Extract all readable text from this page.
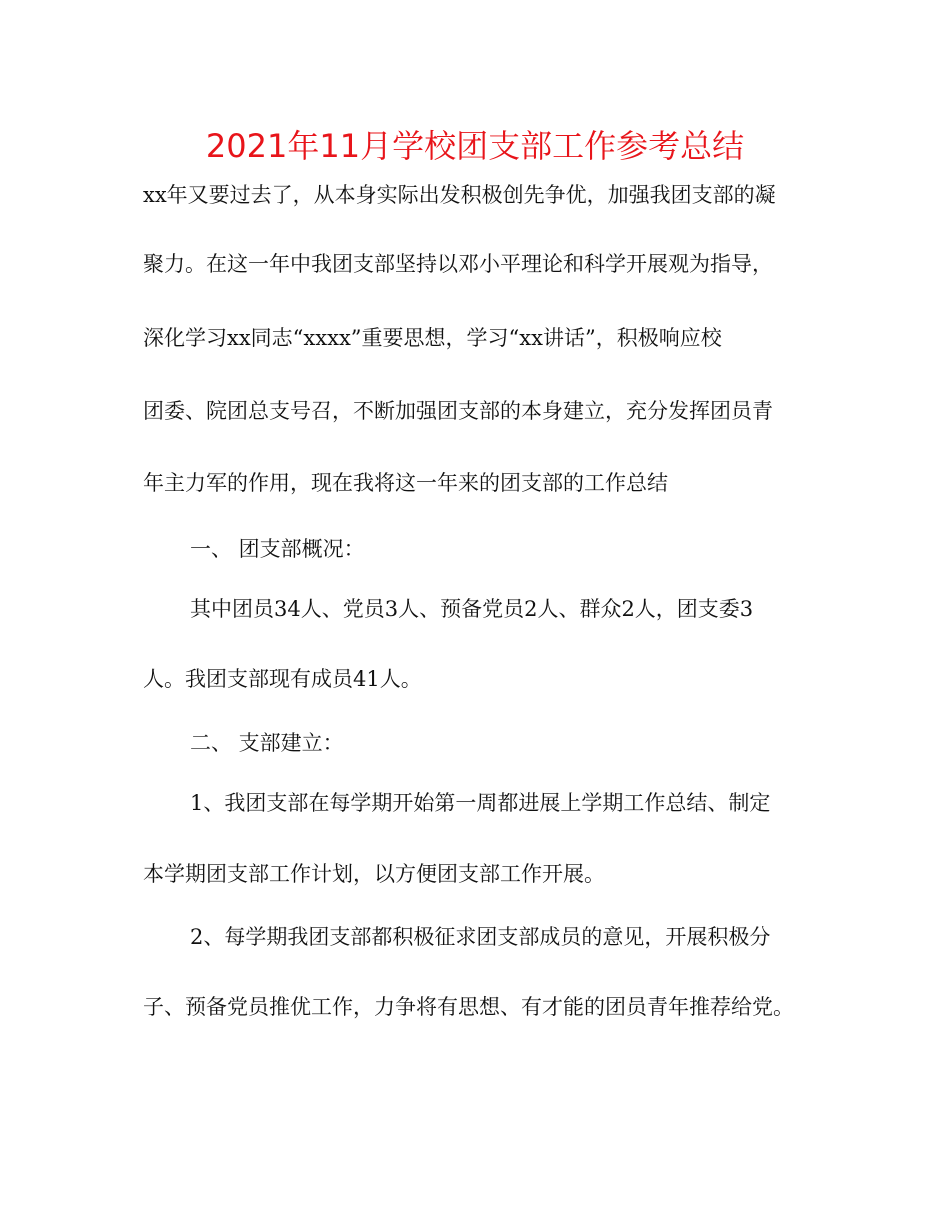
2021年11月学校团支部工作参考总结
xx年又要过去了，从本身实际出发积极创先争优，加强我团支部的凝
聚力。在这一年中我团支部坚持以邓小平理论和科学开展观为指导，
深化学习xx同志“xxxx”重要思想，学习“xx讲话”，积极响应校
团委、院团总支号召，不断加强团支部的本身建立，充分发挥团员青
年主力军的作用，现在我将这一年来的团支部的工作总结
一、 团支部概况：
其中团员34人、党员3人、预备党员2人、群众2人，团支委3
人。我团支部现有成员41人。
二、 支部建立：
1、我团支部在每学期开始第一周都进展上学期工作总结、制定
本学期团支部工作计划，以方便团支部工作开展。
2、每学期我团支部都积极征求团支部成员的意见，开展积极分
子、预备党员推优工作，力争将有思想、有才能的团员青年推荐给党。
